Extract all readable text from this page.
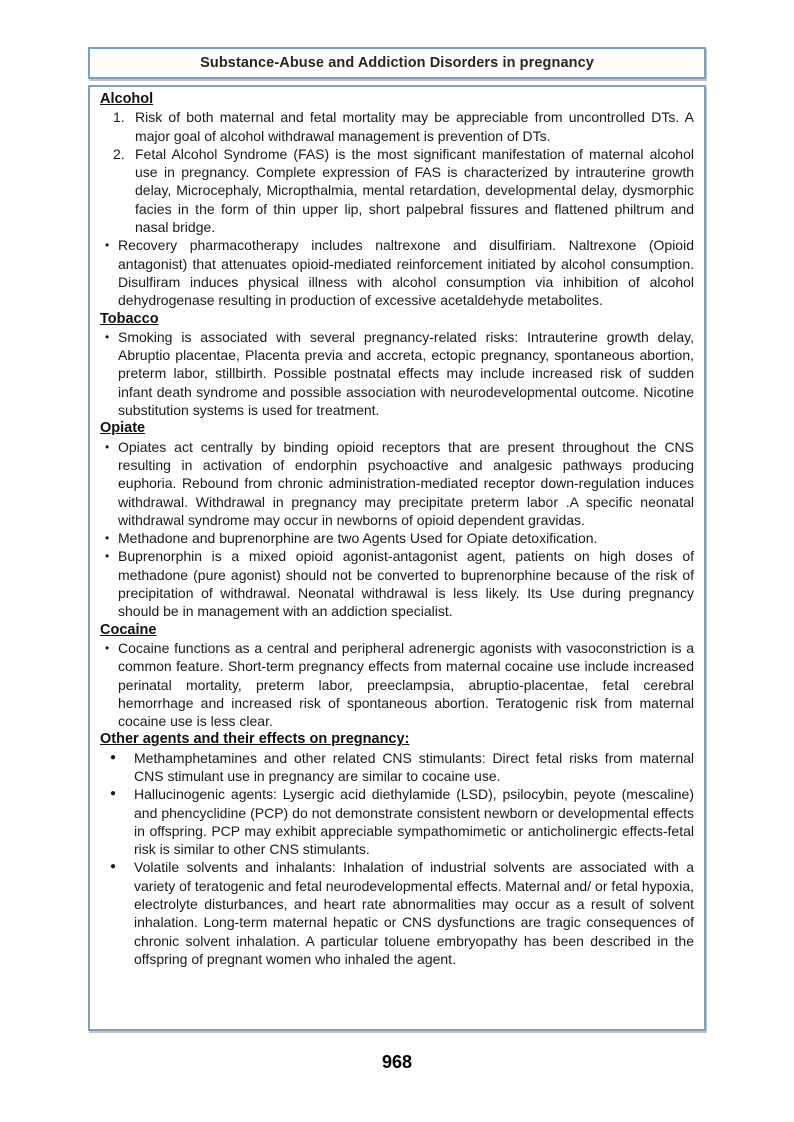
Substance-Abuse and Addiction Disorders in pregnancy
Alcohol
1. Risk of both maternal and fetal mortality may be appreciable from uncontrolled DTs. A major goal of alcohol withdrawal management is prevention of DTs.
2. Fetal Alcohol Syndrome (FAS) is the most significant manifestation of maternal alcohol use in pregnancy. Complete expression of FAS is characterized by intrauterine growth delay, Microcephaly, Micropthalmia, mental retardation, developmental delay, dysmorphic facies in the form of thin upper lip, short palpebral fissures and flattened philtrum and nasal bridge.
• Recovery pharmacotherapy includes naltrexone and disulfiriam. Naltrexone (Opioid antagonist) that attenuates opioid-mediated reinforcement initiated by alcohol consumption. Disulfiram induces physical illness with alcohol consumption via inhibition of alcohol dehydrogenase resulting in production of excessive acetaldehyde metabolites.
Tobacco
• Smoking is associated with several pregnancy-related risks: Intrauterine growth delay, Abruptio placentae, Placenta previa and accreta, ectopic pregnancy, spontaneous abortion, preterm labor, stillbirth. Possible postnatal effects may include increased risk of sudden infant death syndrome and possible association with neurodevelopmental outcome. Nicotine substitution systems is used for treatment.
Opiate
• Opiates act centrally by binding opioid receptors that are present throughout the CNS resulting in activation of endorphin psychoactive and analgesic pathways producing euphoria. Rebound from chronic administration-mediated receptor down-regulation induces withdrawal. Withdrawal in pregnancy may precipitate preterm labor .A specific neonatal withdrawal syndrome may occur in newborns of opioid dependent gravidas.
• Methadone and buprenorphine are two Agents Used for Opiate detoxification.
• Buprenorphin is a mixed opioid agonist-antagonist agent, patients on high doses of methadone (pure agonist) should not be converted to buprenorphine because of the risk of precipitation of withdrawal. Neonatal withdrawal is less likely. Its Use during pregnancy should be in management with an addiction specialist.
Cocaine
• Cocaine functions as a central and peripheral adrenergic agonists with vasoconstriction is a common feature. Short-term pregnancy effects from maternal cocaine use include increased perinatal mortality, preterm labor, preeclampsia, abruptio-placentae, fetal cerebral hemorrhage and increased risk of spontaneous abortion. Teratogenic risk from maternal cocaine use is less clear.
Other agents and their effects on pregnancy:
●	Methamphetamines and other related CNS stimulants: Direct fetal risks from maternal CNS stimulant use in pregnancy are similar to cocaine use.
●	Hallucinogenic agents: Lysergic acid diethylamide (LSD), psilocybin, peyote (mescaline) and phencyclidine (PCP) do not demonstrate consistent newborn or developmental effects in offspring. PCP may exhibit appreciable sympathomimetic or anticholinergic effects-fetal risk is similar to other CNS stimulants.
●	Volatile solvents and inhalants: Inhalation of industrial solvents are associated with a variety of teratogenic and fetal neurodevelopmental effects. Maternal and/ or fetal hypoxia, electrolyte disturbances, and heart rate abnormalities may occur as a result of solvent inhalation. Long-term maternal hepatic or CNS dysfunctions are tragic consequences of chronic solvent inhalation. A particular toluene embryopathy has been described in the offspring of pregnant women who inhaled the agent.
968
